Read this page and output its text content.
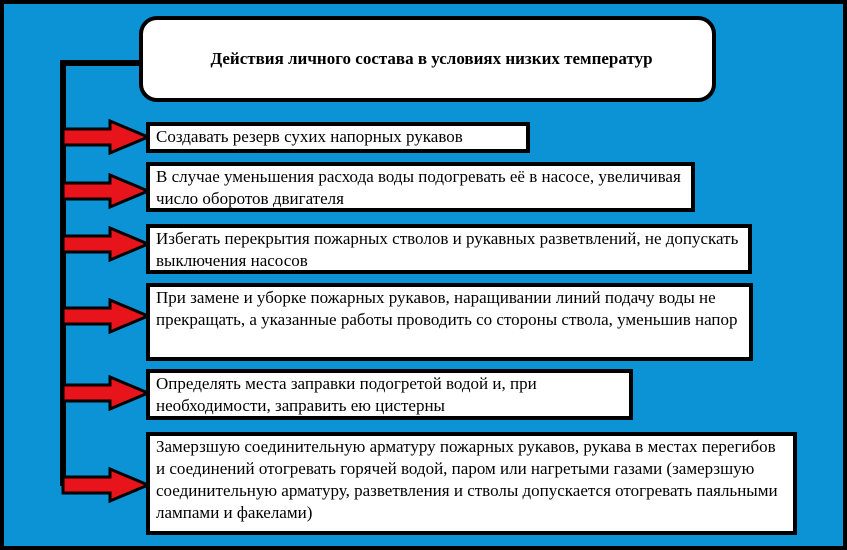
Действия личного состава в условиях низких температур
Создавать резерв сухих напорных рукавов
В случае уменьшения расхода воды подогревать её в насосе, увеличивая число оборотов двигателя
Избегать перекрытия пожарных стволов и рукавных разветвлений, не допускать выключения насосов
При замене и уборке пожарных рукавов, наращивании линий подачу воды не прекращать, а указанные работы проводить со стороны ствола, уменьшив напор
Определять места заправки подогретой водой и, при необходимости, заправить ею цистерны
Замерзшую соединительную арматуру пожарных рукавов, рукава в местах перегибов и соединений отогревать горячей водой, паром или нагретыми газами (замерзшую соединительную арматуру, разветвления и стволы допускается отогревать паяльными лампами и факелами)
